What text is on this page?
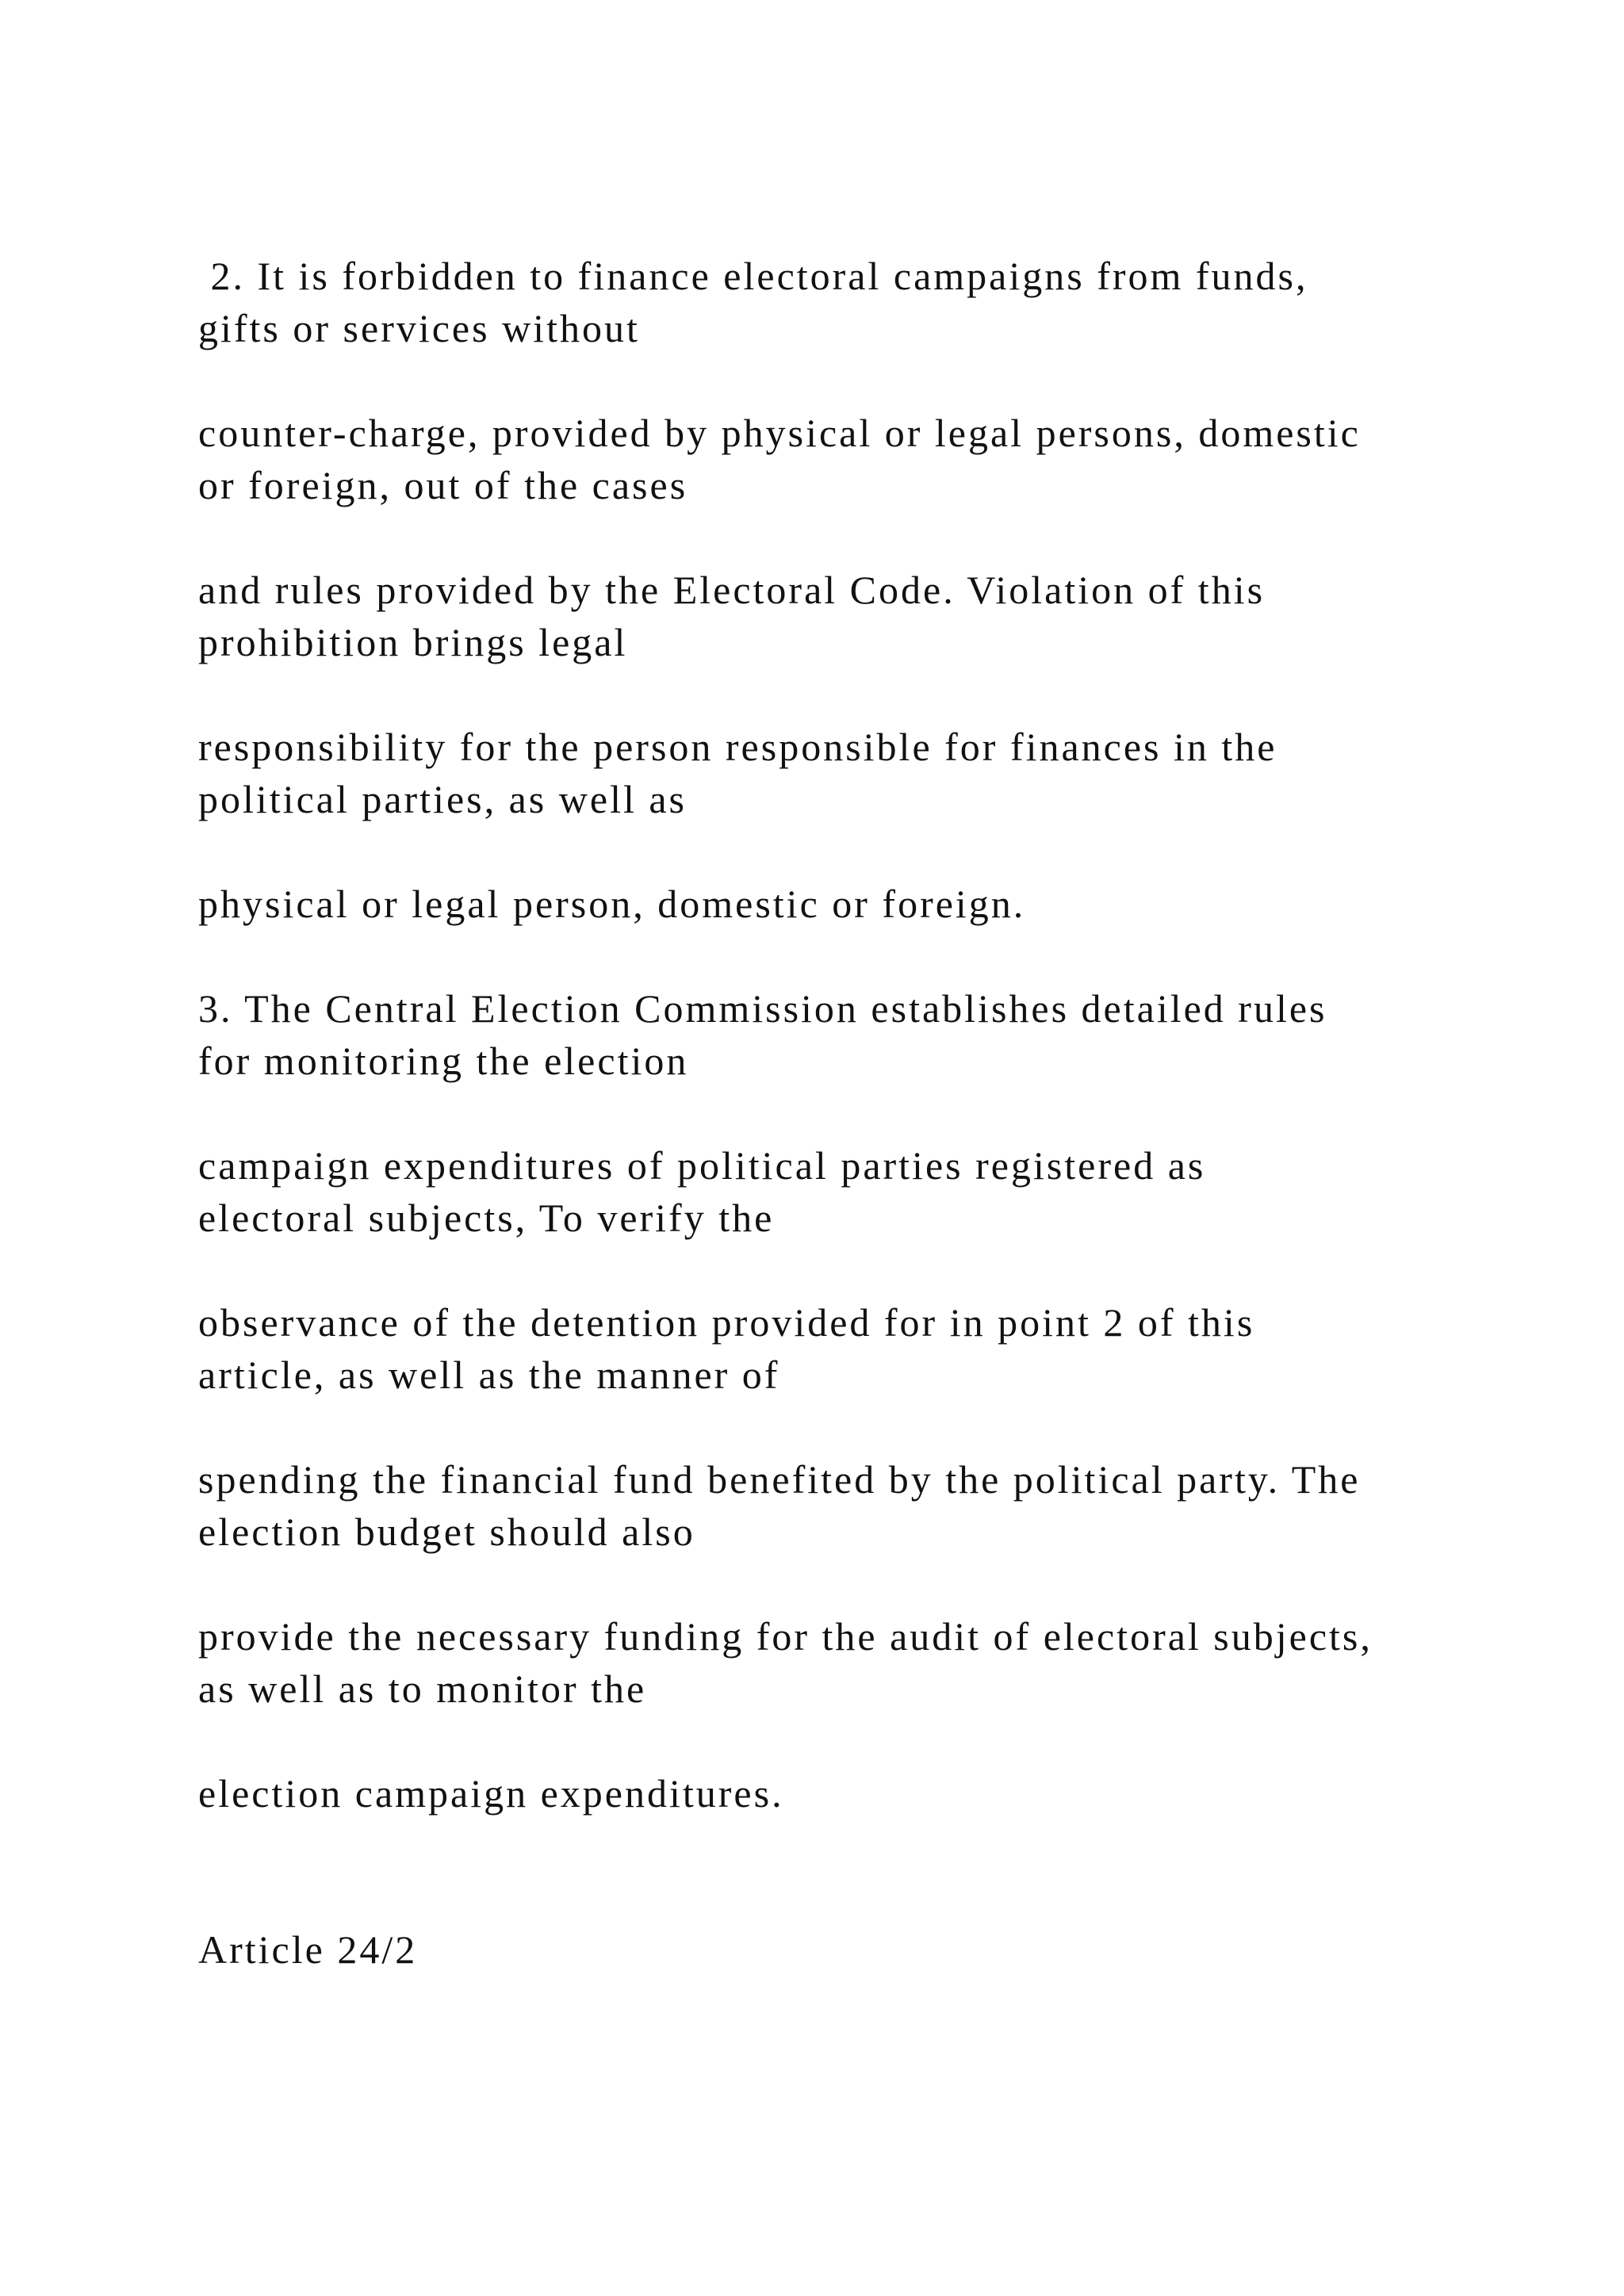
2. It is forbidden to finance electoral campaigns from funds,

gifts or services without

counter-charge, provided by physical or legal persons, domestic

or foreign, out of the cases

and rules provided by the Electoral Code. Violation of this

prohibition brings legal

responsibility for the person responsible for finances in the

political parties, as well as

physical or legal person, domestic or foreign.

3. The Central Election Commission establishes detailed rules

for monitoring the election

campaign expenditures of political parties registered as

electoral subjects, To verify the

observance of the detention provided for in point 2 of this

article, as well as the manner of

spending the financial fund benefited by the political party. The

election budget should also

provide the necessary funding for the audit of electoral subjects,

as well as to monitor the

election campaign expenditures.

Article 24/2
